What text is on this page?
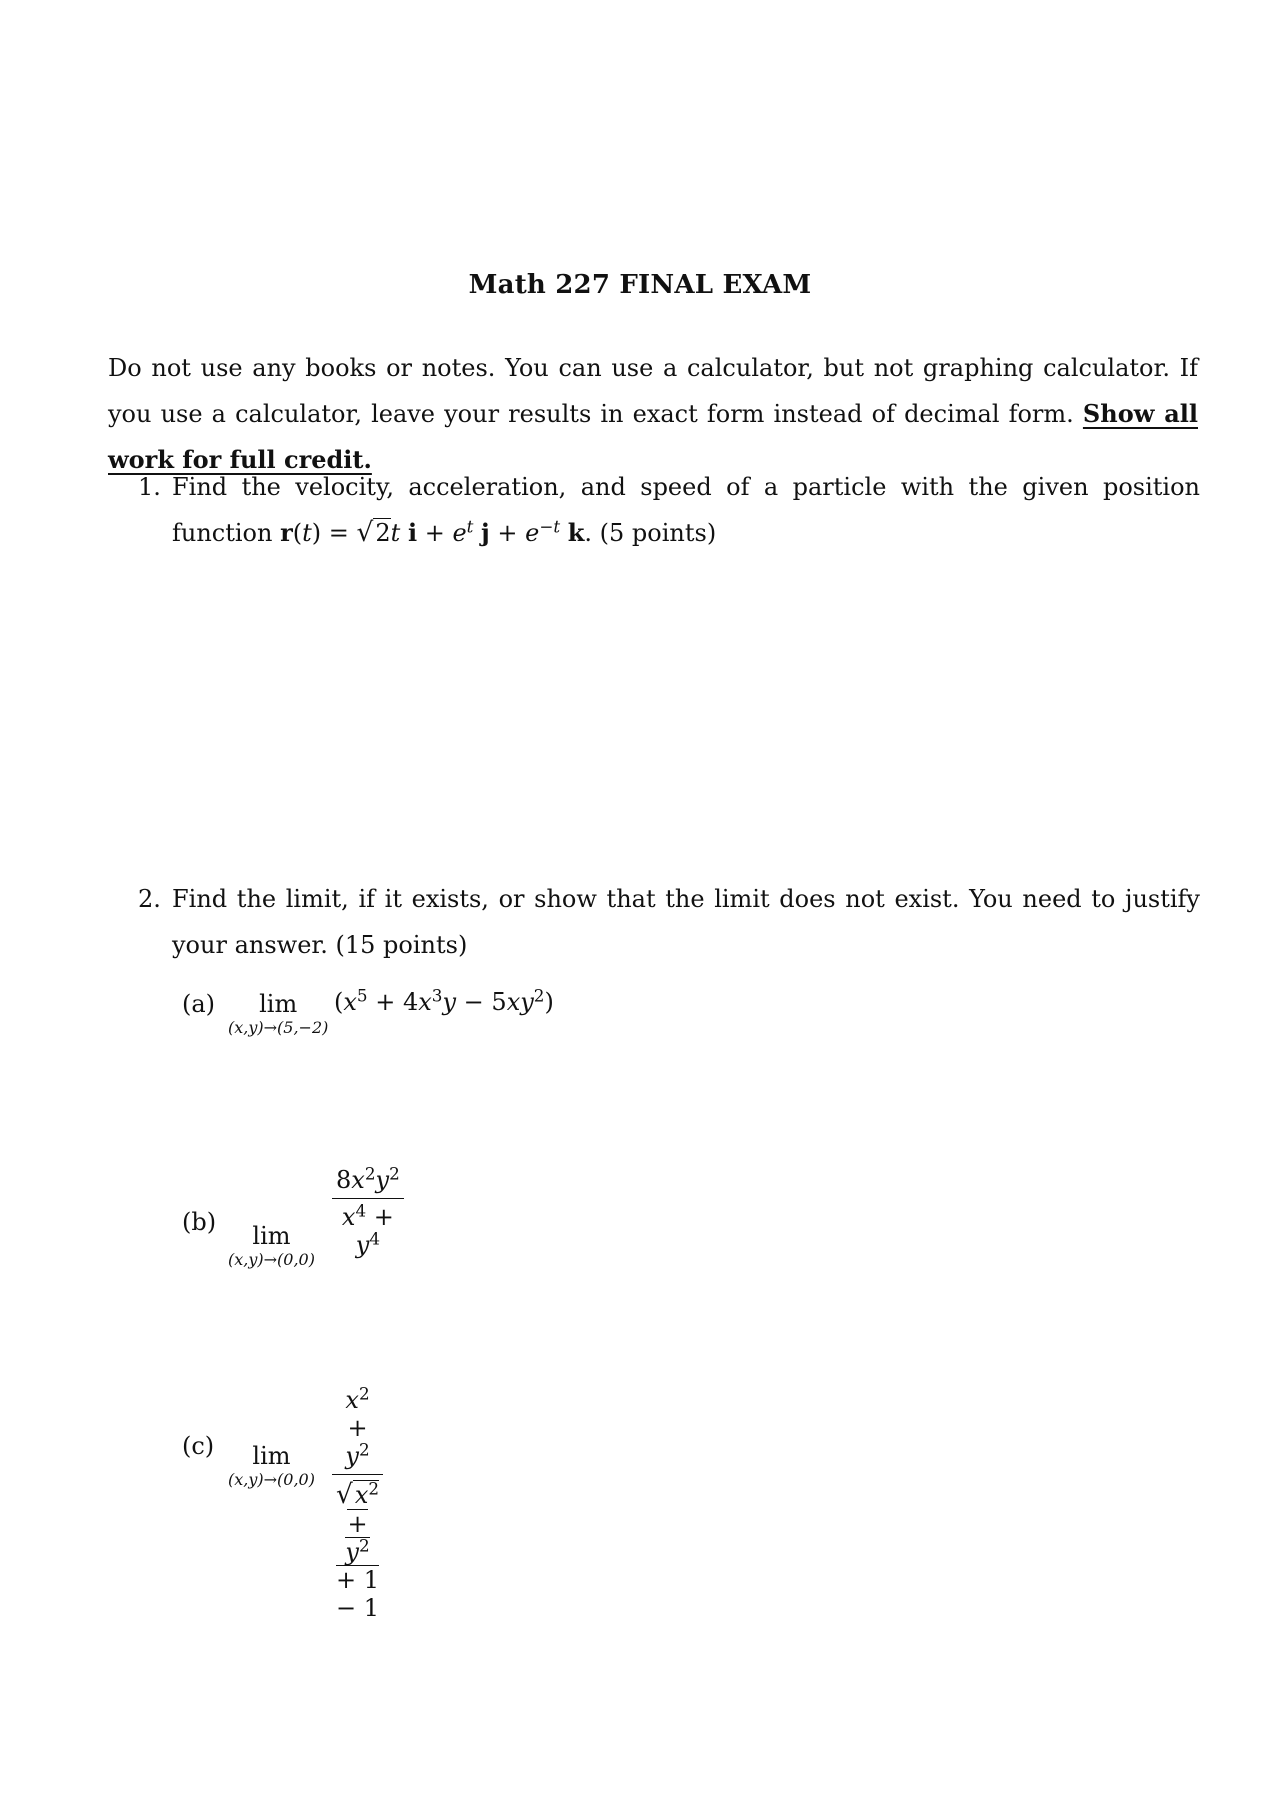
Math 227 FINAL EXAM
Do not use any books or notes. You can use a calculator, but not graphing calculator. If you use a calculator, leave your results in exact form instead of decimal form. Show all work for full credit.
1. Find the velocity, acceleration, and speed of a particle with the given position function r(t) = √2t $i + e^t$ $j + e^{-t}$ k. (5 points)
2. Find the limit, if it exists, or show that the limit does not exist. You need to justify your answer. (15 points)
(a)	lim
(x,y)→(5,−2)
$(x^5 + 4x^3y - 5xy^2)$
(b)	lim
(x,y)→(0,0)
$\frac{8x^2y^2}{x^4 + y^4}$
(c)	lim
$(x,y)\to(0,0) \frac{x^2 + y^2}{√x^2 + y^2 + 1 - 1}$
